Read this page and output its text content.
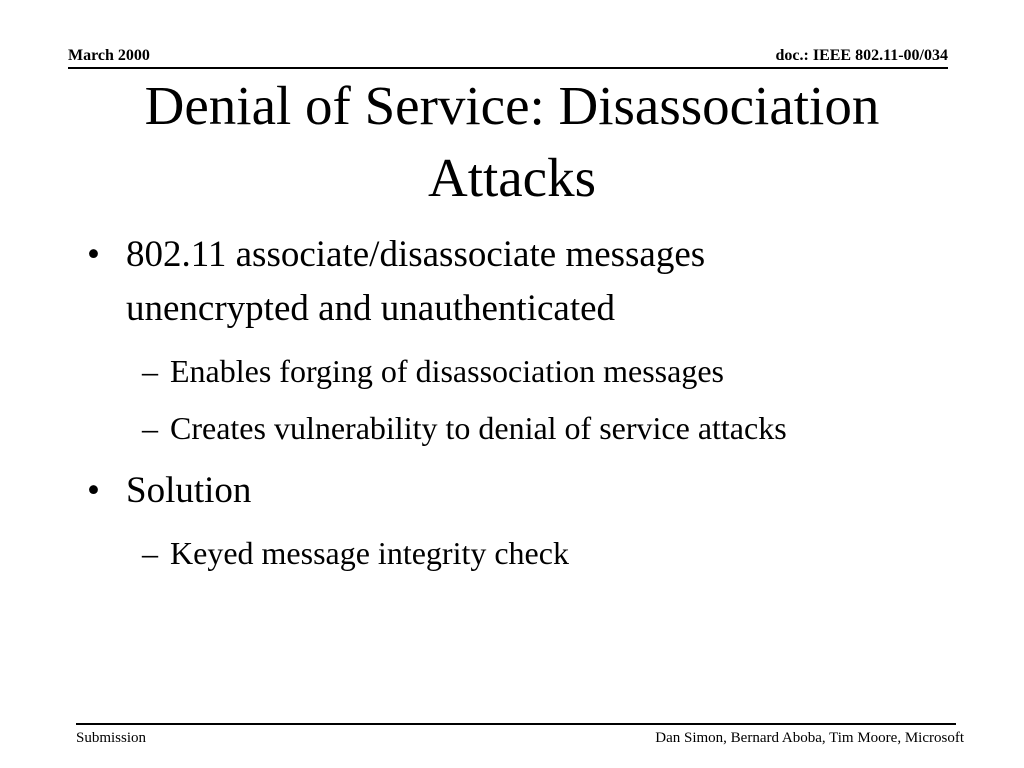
March 2000	doc.: IEEE 802.11-00/034
Denial of Service: Disassociation
Attacks
• 802.11 associate/disassociate messages
unencrypted and unauthenticated
– Enables forging of disassociation messages
– Creates vulnerability to denial of service attacks
• Solution
– Keyed message integrity check
Submission	Dan Simon, Bernard Aboba, Tim Moore, Microsoft
